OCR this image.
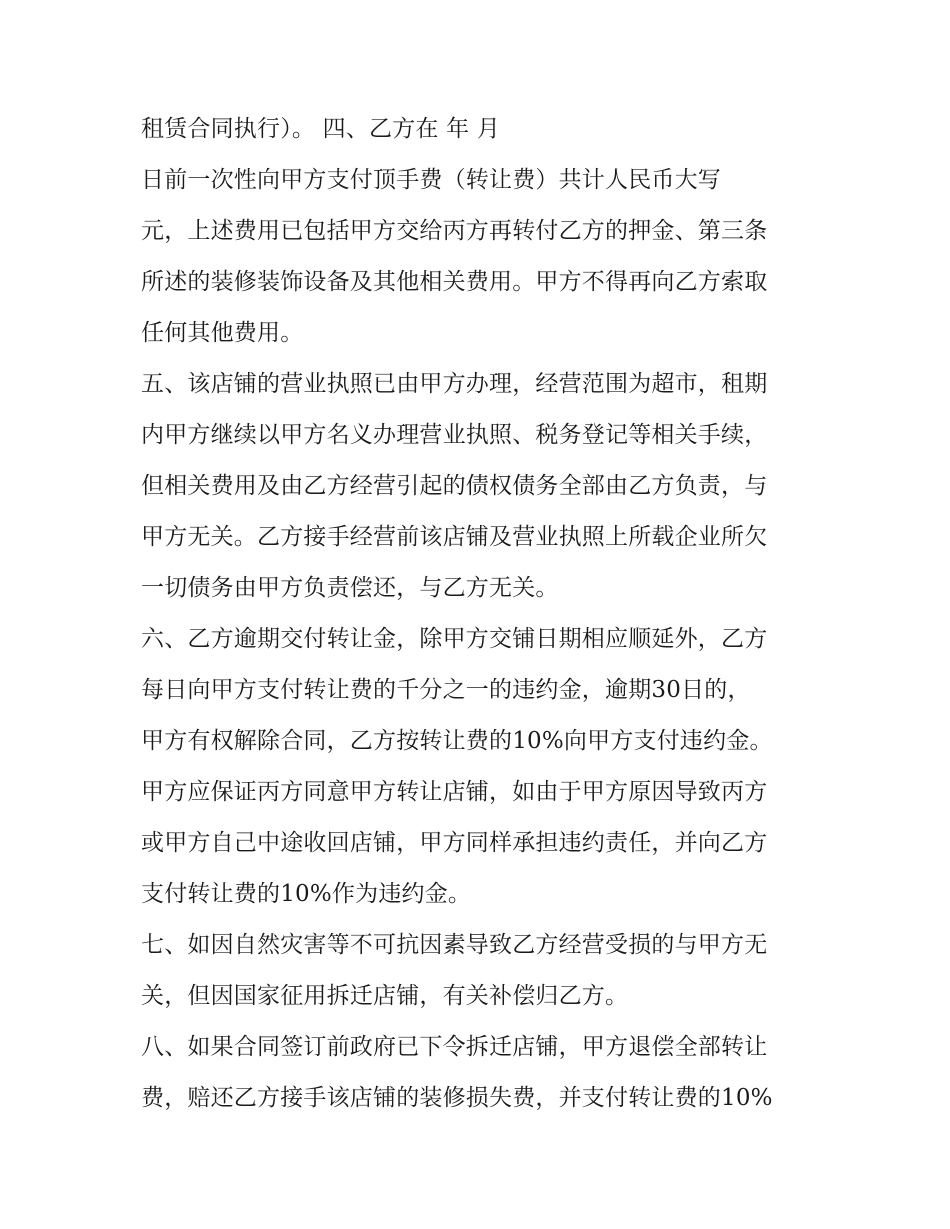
租赁合同执行）。 四、乙方在 年 月
日前一次性向甲方支付顶手费（转让费）共计人民币大写
元，上述费用已包括甲方交给丙方再转付乙方的押金、第三条
所述的装修装饰设备及其他相关费用。甲方不得再向乙方索取
任何其他费用。
五、该店铺的营业执照已由甲方办理，经营范围为超市，租期
内甲方继续以甲方名义办理营业执照、税务登记等相关手续，
但相关费用及由乙方经营引起的债权债务全部由乙方负责，与
甲方无关。乙方接手经营前该店铺及营业执照上所载企业所欠
一切债务由甲方负责偿还，与乙方无关。
六、乙方逾期交付转让金，除甲方交铺日期相应顺延外，乙方
每日向甲方支付转让费的千分之一的违约金，逾期30日的，
甲方有权解除合同，乙方按转让费的10%向甲方支付违约金。
甲方应保证丙方同意甲方转让店铺，如由于甲方原因导致丙方
或甲方自己中途收回店铺，甲方同样承担违约责任，并向乙方
支付转让费的10%作为违约金。
七、如因自然灾害等不可抗因素导致乙方经营受损的与甲方无
关，但因国家征用拆迁店铺，有关补偿归乙方。
八、如果合同签订前政府已下令拆迁店铺，甲方退偿全部转让
费，赔还乙方接手该店铺的装修损失费，并支付转让费的10%
